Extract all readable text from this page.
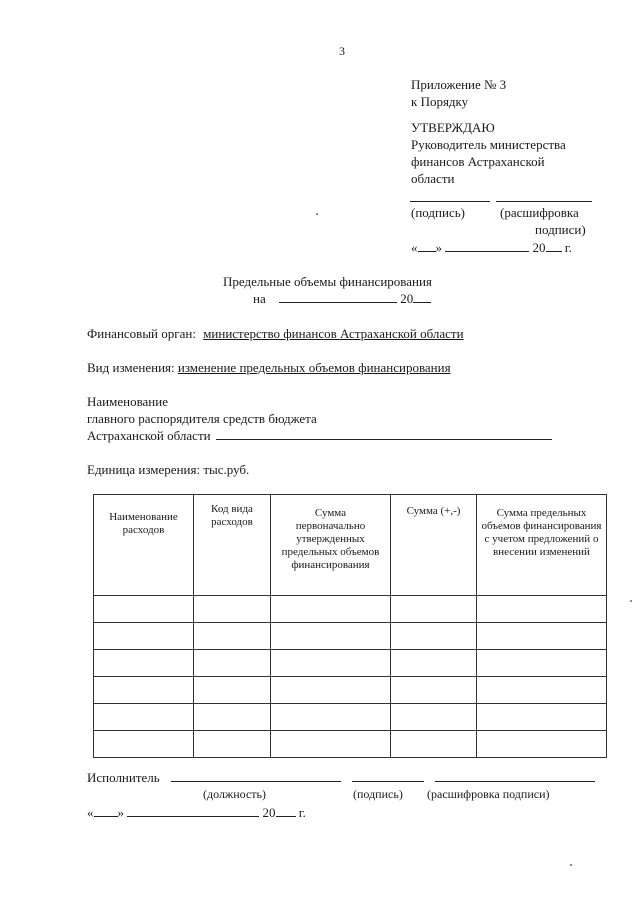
3
Приложение № 3
к Порядку
УТВЕРЖДАЮ
Руководитель министерства
финансов Астраханской
области
(подпись)	(расшифровка
подписи)
« »	20 г.
Предельные объемы финансирования
на	20
Финансовый орган: министерство финансов Астраханской области
Вид изменения: изменение предельных объемов финансирования
Наименование
главного распорядителя средств бюджета
Астраханской области
Единица измерения: тыс.руб.
Наименование расходов	Код вида расходов	Сумма первоначально утвержденных предельных объемов финансирования	Сумма (+,-)	Сумма предельных объемов финансирования с учетом предложений о внесении изменений

Исполнитель
(должность)	(подпись) (расшифровка подписи)
« »	20 г.
